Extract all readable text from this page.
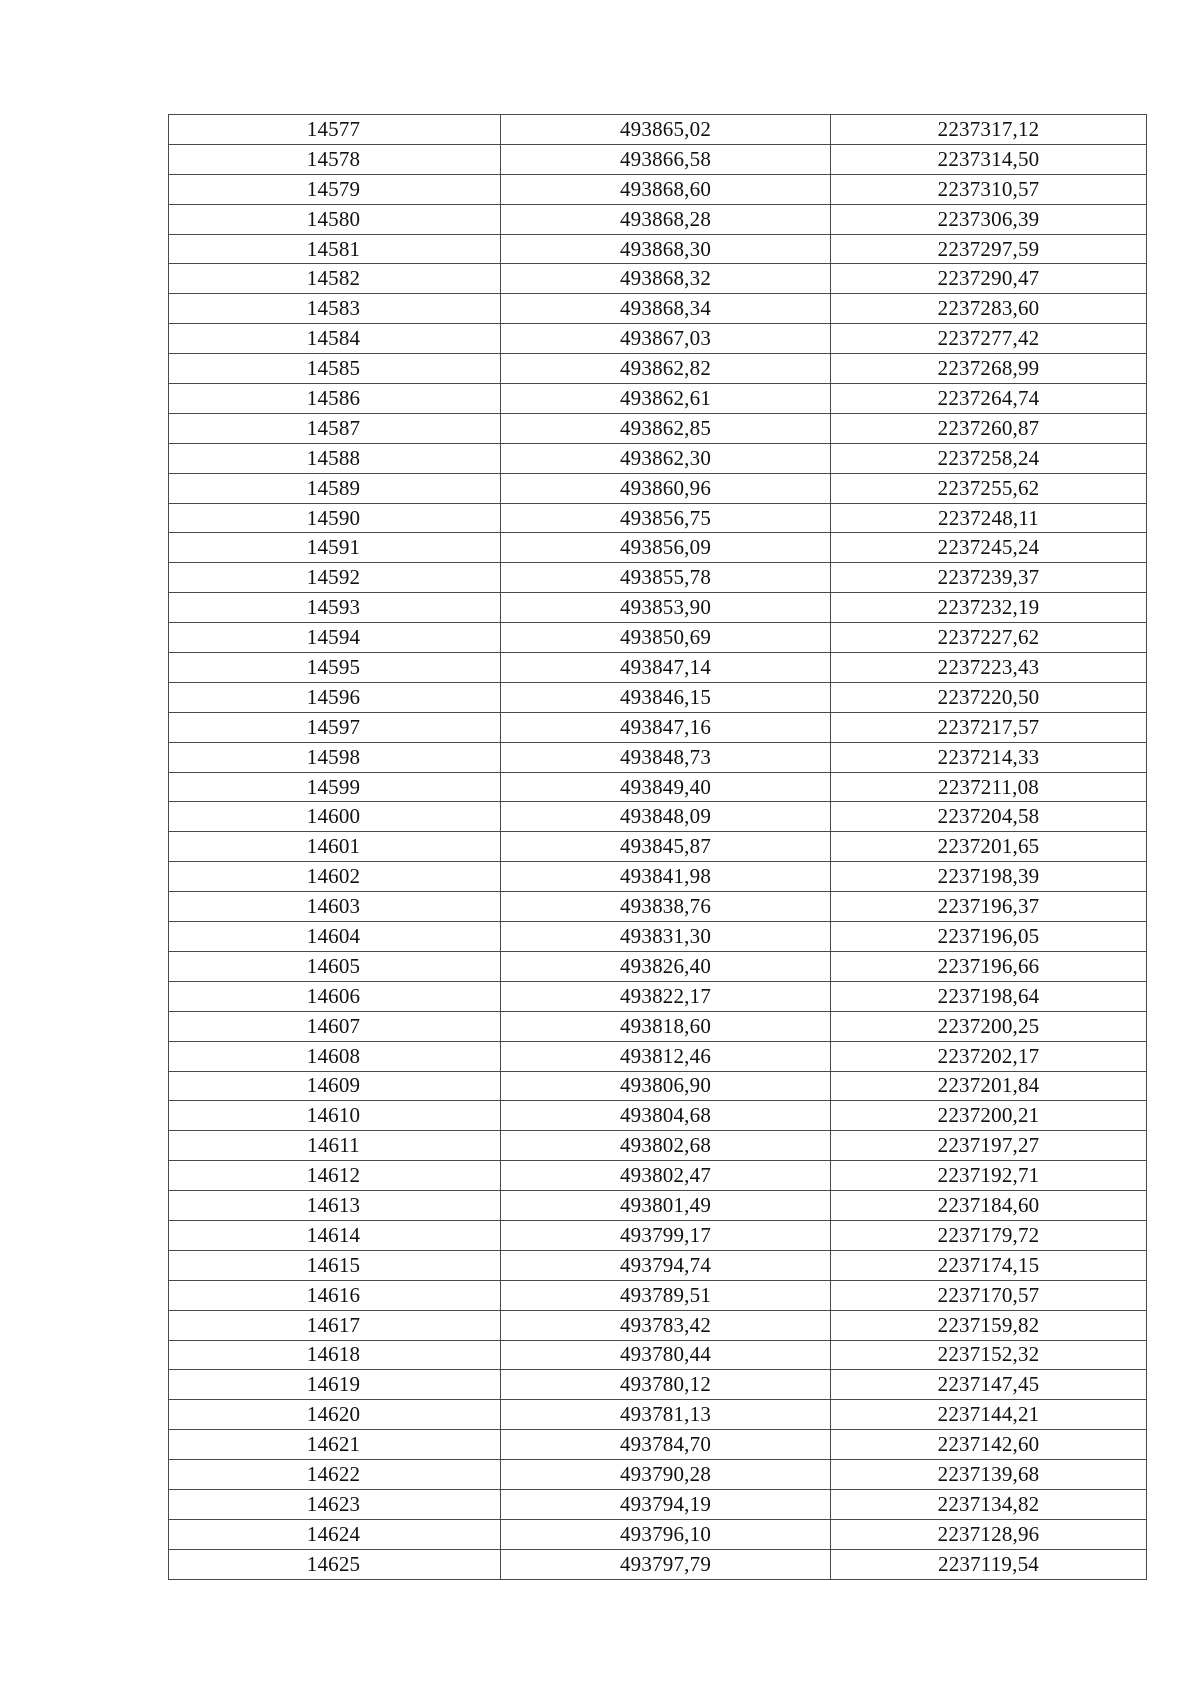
14577	493865,02	2237317,12
14578	493866,58	2237314,50
14579	493868,60	2237310,57
14580	493868,28	2237306,39
14581	493868,30	2237297,59
14582	493868,32	2237290,47
14583	493868,34	2237283,60
14584	493867,03	2237277,42
14585	493862,82	2237268,99
14586	493862,61	2237264,74
14587	493862,85	2237260,87
14588	493862,30	2237258,24
14589	493860,96	2237255,62
14590	493856,75	2237248,11
14591	493856,09	2237245,24
14592	493855,78	2237239,37
14593	493853,90	2237232,19
14594	493850,69	2237227,62
14595	493847,14	2237223,43
14596	493846,15	2237220,50
14597	493847,16	2237217,57
14598	493848,73	2237214,33
14599	493849,40	2237211,08
14600	493848,09	2237204,58
14601	493845,87	2237201,65
14602	493841,98	2237198,39
14603	493838,76	2237196,37
14604	493831,30	2237196,05
14605	493826,40	2237196,66
14606	493822,17	2237198,64
14607	493818,60	2237200,25
14608	493812,46	2237202,17
14609	493806,90	2237201,84
14610	493804,68	2237200,21
14611	493802,68	2237197,27
14612	493802,47	2237192,71
14613	493801,49	2237184,60
14614	493799,17	2237179,72
14615	493794,74	2237174,15
14616	493789,51	2237170,57
14617	493783,42	2237159,82
14618	493780,44	2237152,32
14619	493780,12	2237147,45
14620	493781,13	2237144,21
14621	493784,70	2237142,60
14622	493790,28	2237139,68
14623	493794,19	2237134,82
14624	493796,10	2237128,96
14625	493797,79	2237119,54
